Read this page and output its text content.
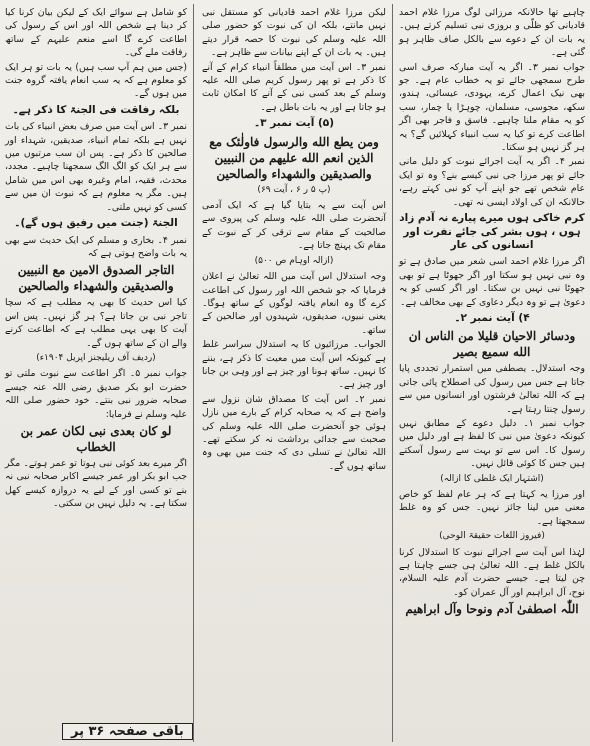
چاہیے تھا حالانکہ مرزائی لوگ مرزا غلام احمد قادیانی کو ظلّی و بروزی نبی تسلیم کرتے ہیں۔ یہ بات ان کے دعوے سے بالکل صاف ظاہر ہو گئی ہے۔

جواب نمبر ۳۔ اگر یہ آیت مبارکہ صرف اسی طرح سمجھی جائے تو یہ خطاب عام ہے۔ جو بھی نیک اعمال کرے، یہودی، عیسائی، ہندو، سکھ، مجوسی، مسلمان، چوہڑا یا چمار، سب کو یہ مقام ملنا چاہیے۔ فاسق و فاجر بھی اگر اطاعت کرے تو کیا یہ سب انبیاء کہلائیں گے؟ یہ ہر گز نہیں ہو سکتا۔

نمبر ۴۔ اگر یہ آیت اجرائے نبوت کو دلیل مانی جائے تو پھر مرزا جی نبی کیسے بنے؟ وہ تو ایک عام شخص تھے جو اپنے آپ کو نبی کہتے رہے، حالانکہ ان کی اولاد ایسی نہ تھی۔

کرم خاکی ہوں میرے پیارے نہ آدم زاد ہوں ، ہوں بشر کی جائے نفرت اور انسانوں کی عار

اگر مرزا غلام احمد اسی شعر میں صادق ہے تو وہ نبی نہیں ہو سکتا اور اگر جھوٹا ہے تو بھی جھوٹا نبی نہیں بن سکتا۔ اور اگر کسی کو یہ دعویٰ ہے تو وہ دیگر دعاوی کے بھی مخالف ہے۔

۴) آیت نمبر ۲۔

ودسائر الاحیان قلیلا من الناس ان الله سمیع بصیر

وجہ استدلال۔ یصطفی میں استمرار تجددی پایا جاتا ہے جس میں رسول کی اصطلاح پائی جاتی ہے کہ اللہ تعالیٰ فرشتوں اور انسانوں میں سے رسول چنتا رہتا ہے۔

جواب نمبر ۱۔ دلیل دعوے کے مطابق نہیں کیونکہ دعویٰ میں نبی کا لفظ ہے اور دلیل میں رسول کا۔ اس سے تو بہت سے رسول آسکتے ہیں جس کا کوئی قائل نہیں۔

(اشتہار ایک غلطی کا ازالہ)

اور مرزا یہ کہتا ہے کہ ہر عام لفظ کو خاص معنی میں لینا جائز نہیں۔ جس کو وہ غلط سمجھتا ہے۔

(فیروز اللغات حقیقۃ الوحی)

لہٰذا اس آیت سے اجرائے نبوت کا استدلال کرنا بالکل غلط ہے۔ اللہ تعالیٰ ہی جسے چاہتا ہے چن لیتا ہے۔ جیسے حضرت آدم علیہ السلام، نوح، آل ابراہیم اور آل عمران کو۔

اللّٰہ اصطفیٰ آدم ونوحا وآل ابراھیم

لیکن مرزا غلام احمد قادیانی کو مستقل نبی نہیں مانتے، بلکہ ان کی نبوت کو حضور صلی اللہ علیہ وسلم کی نبوت کا حصہ قرار دیتے ہیں۔ یہ بات ان کے اپنے بیانات سے ظاہر ہے۔

نمبر ۳۔ اس آیت میں مطلقاً انبیاء کرام کے آنے کا ذکر ہے تو پھر رسول کریم صلی اللہ علیہ وسلم کے بعد کسی نبی کے آنے کا امکان ثابت ہو جاتا ہے اور یہ بات باطل ہے۔

(۵) آیت نمبر ۳۔

ومن یطع الله والرسول فاولٰئک مع الذین انعم الله علیهم من النبیین والصدیقین والشهداء والصالحین

(پ ۵ ر ۶ ، آیت ۶۹)

اس آیت سے یہ بتایا گیا ہے کہ ایک آدمی آنحضرت صلی اللہ علیہ وسلم کی پیروی سے صالحیت کے مقام سے ترقی کر کے نبوت کے مقام تک پہنچ جاتا ہے۔

(ازالہ اوہام ص ۵۰۰)

وجہ استدلال اس آیت میں اللہ تعالیٰ نے اعلان فرمایا کہ جو شخص اللہ اور رسول کی اطاعت کرے گا وہ انعام یافتہ لوگوں کے ساتھ ہوگا۔ یعنی نبیوں، صدیقوں، شہیدوں اور صالحین کے ساتھ۔

الجواب۔ مرزائیوں کا یہ استدلال سراسر غلط ہے کیونکہ اس آیت میں معیت کا ذکر ہے، بننے کا نہیں۔ ساتھ ہونا اور چیز ہے اور وہی بن جانا اور چیز ہے۔

نمبر ۲۔ اس آیت کا مصداق شان نزول سے واضح ہے کہ یہ صحابہ کرام کے بارے میں نازل ہوئی جو آنحضرت صلی اللہ علیہ وسلم کی صحبت سے جدائی برداشت نہ کر سکتے تھے۔ اللہ تعالیٰ نے تسلی دی کہ جنت میں بھی وہ ساتھ ہوں گے۔

کو شامل ہے سوائے ایک کے لیکن بیان کرنا کیا کر دینا ہے شخص اللہ اور اس کے رسول کی اطاعت کرے گا اسے منعم علیہم کے ساتھ رفاقت ملے گی۔

(جس میں ہم آپ سب ہیں) یہ بات تو ہر ایک کو معلوم ہے کہ یہ سب انعام یافتہ گروہ جنت میں ہوں گے۔

بلکہ رفاقت فی الجنۃ کا ذکر ہے۔

نمبر ۳۔ اس آیت میں صرف بعض انبیاء کی بات نہیں ہے بلکہ تمام انبیاء، صدیقین، شہداء اور صالحین کا ذکر ہے۔ پس ان سب مرتبوں میں سے ہر ایک کو الگ الگ سمجھنا چاہیے۔ مجدد، محدث، فقیہ، امام وغیرہ بھی اس میں شامل ہیں۔ مگر یہ معلوم ہے کہ نبوت ان میں سے کسی کو نہیں ملتی۔

الجنۃ (جنت میں رفیق ہوں گے)۔

نمبر ۴۔ بخاری و مسلم کی ایک حدیث سے بھی یہ بات واضح ہوتی ہے کہ

التاجر الصدوق الامین مع النبیین والصدیقین والشهداء والصالحین

کیا اس حدیث کا بھی یہ مطلب ہے کہ سچا تاجر نبی بن جاتا ہے؟ ہر گز نہیں۔ پس اس آیت کا بھی یہی مطلب ہے کہ اطاعت کرنے والے ان کے ساتھ ہوں گے۔

(ردیف آف ریلیجنز اپریل ۱۹۰۴ء)

جواب نمبر ۵۔ اگر اطاعت سے نبوت ملتی تو حضرت ابو بکر صدیق رضی اللہ عنہ جیسے صحابہ ضرور نبی بنتے۔ خود حضور صلی اللہ علیہ وسلم نے فرمایا:

لو کان بعدی نبی لکان عمر بن الخطاب

اگر میرے بعد کوئی نبی ہوتا تو عمر ہوتے۔ مگر جب ابو بکر اور عمر جیسے اکابر صحابہ نبی نہ بنے تو کسی اور کے لیے یہ دروازہ کیسے کھل سکتا ہے۔ یہ دلیل نہیں بن سکتی۔

باقی صفحہ ۳۶ پر
